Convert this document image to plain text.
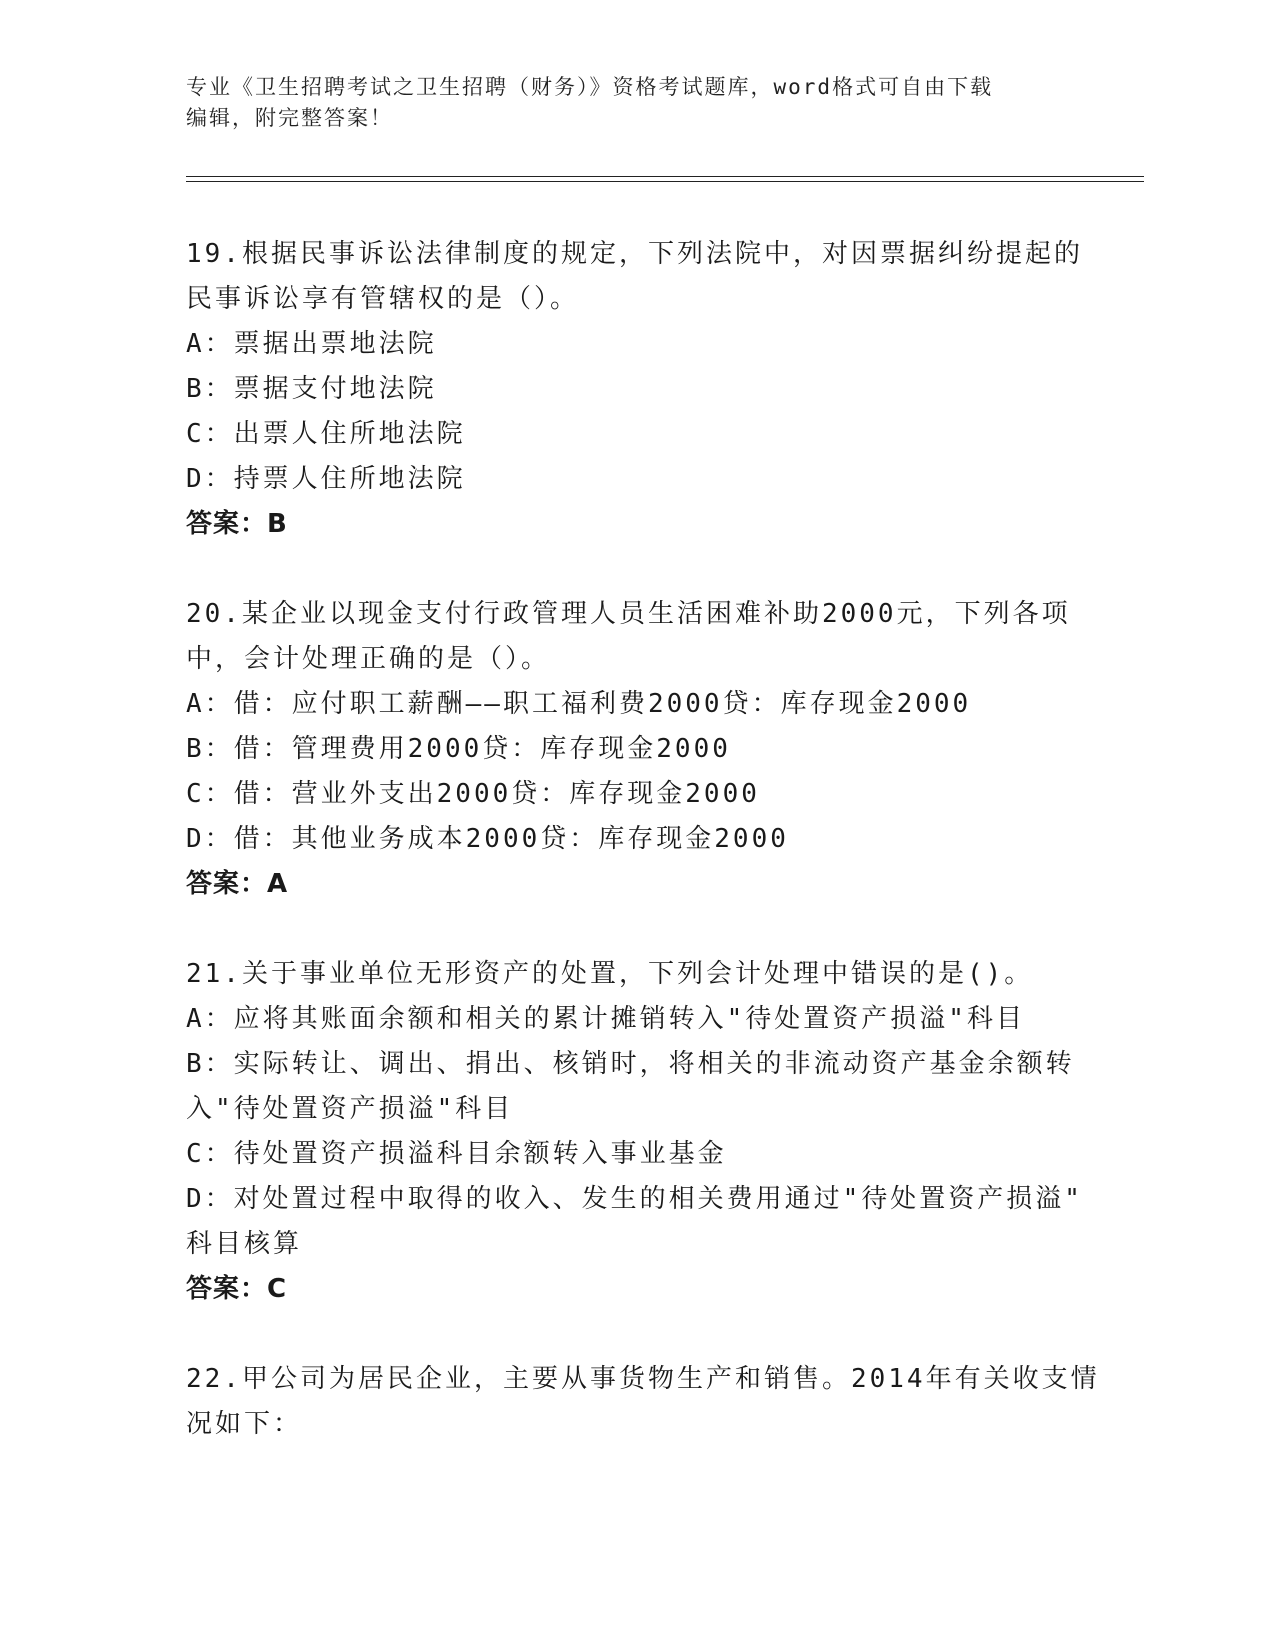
专业《卫生招聘考试之卫生招聘（财务）》资格考试题库，word格式可自由下载
编辑，附完整答案！
19.根据民事诉讼法律制度的规定，下列法院中，对因票据纠纷提起的
民事诉讼享有管辖权的是（）。
A：票据出票地法院
B：票据支付地法院
C：出票人住所地法院
D：持票人住所地法院
答案：B
20.某企业以现金支付行政管理人员生活困难补助2000元，下列各项
中，会计处理正确的是（）。
A：借：应付职工薪酬——职工福利费2000贷：库存现金2000
B：借：管理费用2000贷：库存现金2000
C：借：营业外支出2000贷：库存现金2000
D：借：其他业务成本2000贷：库存现金2000
答案：A
21.关于事业单位无形资产的处置，下列会计处理中错误的是()。
A：应将其账面余额和相关的累计摊销转入"待处置资产损溢"科目
B：实际转让、调出、捐出、核销时，将相关的非流动资产基金余额转
入"待处置资产损溢"科目
C：待处置资产损溢科目余额转入事业基金
D：对处置过程中取得的收入、发生的相关费用通过"待处置资产损溢"
科目核算
答案：C
22.甲公司为居民企业，主要从事货物生产和销售。2014年有关收支情
况如下：
